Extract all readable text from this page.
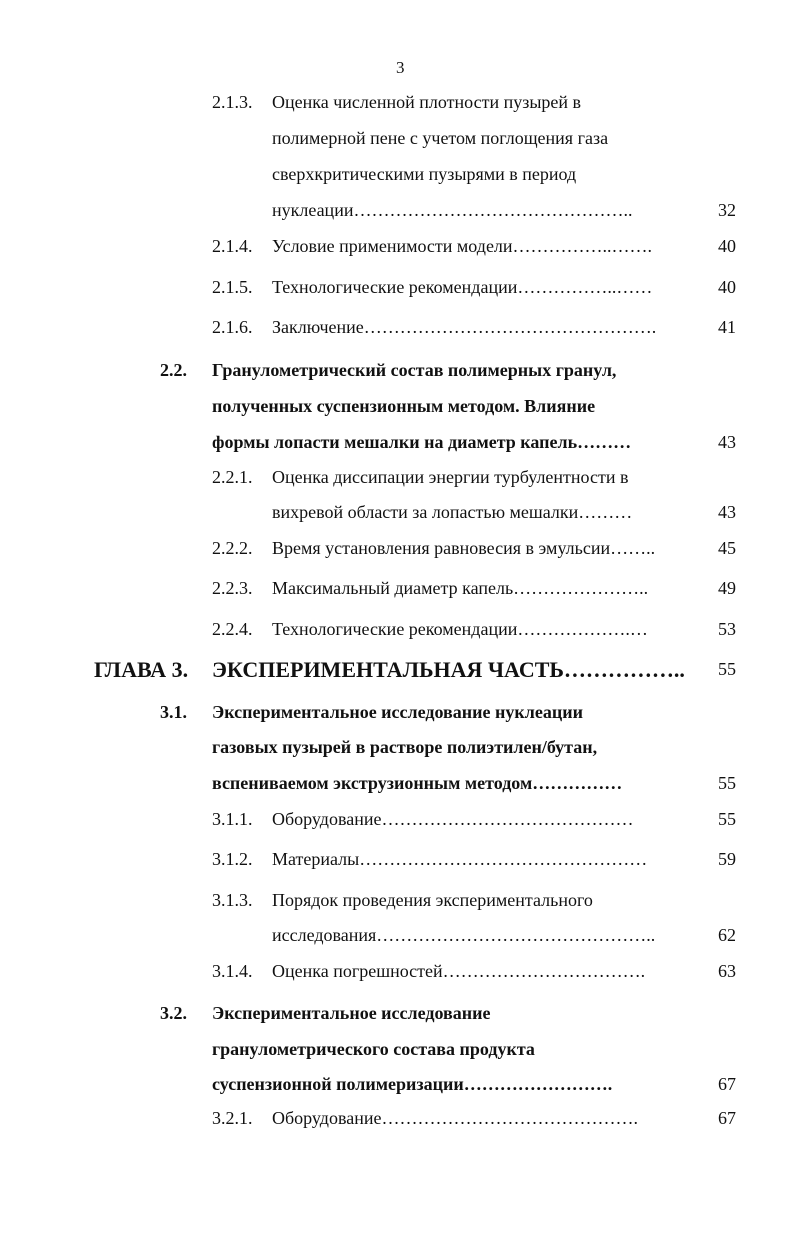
3
2.1.3. Оценка численной плотности пузырей в
полимерной пене с учетом поглощения газа
сверхкритическими пузырями в период
нуклеации………………………………………..	32
2.1.4. Условие применимости модели……………..…….	40
2.1.5. Технологические рекомендации……………..……	40
2.1.6. Заключение………………………………………….	41
2.2. Гранулометрический состав полимерных гранул,
полученных суспензионным методом. Влияние
формы лопасти мешалки на диаметр капель………	43
2.2.1. Оценка диссипации энергии турбулентности в
вихревой области за лопастью мешалки………	43
2.2.2. Время установления равновесия в эмульсии……..	45
2.2.3. Максимальный диаметр капель…………………..	49
2.2.4. Технологические рекомендации……………….…	53
ГЛАВА 3. ЭКСПЕРИМЕНТАЛЬНАЯ ЧАСТЬ……………..	55
3.1. Экспериментальное исследование нуклеации
газовых пузырей в растворе полиэтилен/бутан,
вспениваемом экструзионным методом……………	55
3.1.1. Оборудование……………………………………	55
3.1.2. Материалы…………………………………………	59
3.1.3. Порядок проведения экспериментального
исследования………………………………………..	62
3.1.4. Оценка погрешностей…………………………….	63
3.2. Экспериментальное исследование
гранулометрического состава продукта
суспензионной полимеризации…………………….	67
3.2.1. Оборудование…………………………………….	67
